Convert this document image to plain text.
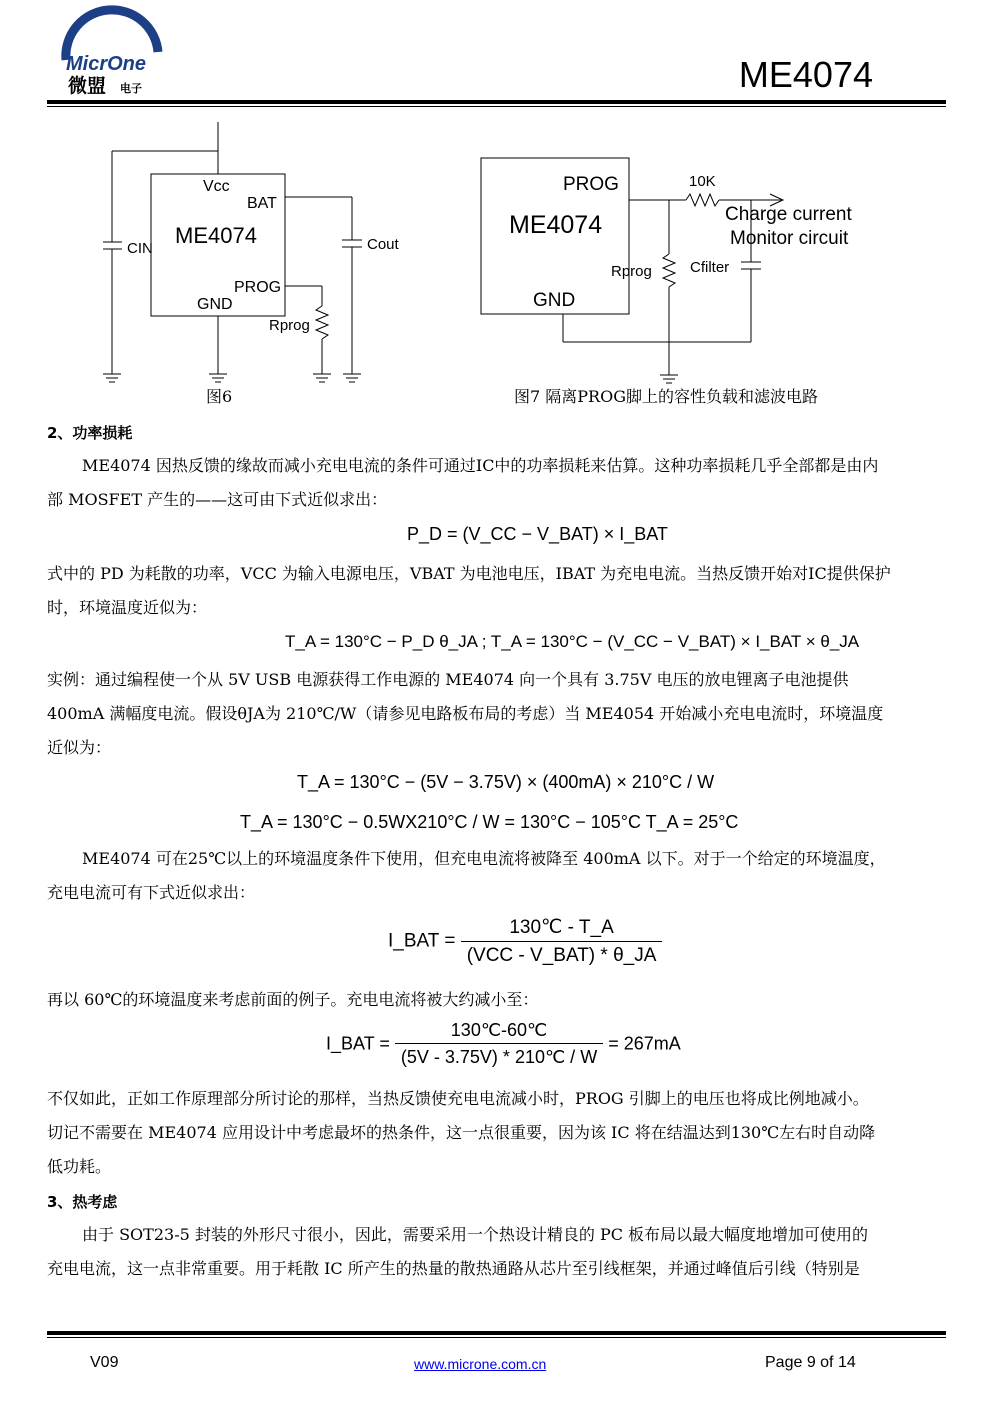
MicrOne
微盟 电子	ME4074
Vcc
BAT
ME4074
PROG
GND
CIN	Cout
Rprog
图6
PROG
ME4074
GND
10K
Charge current
Monitor circuit
Rprog	Cfilter
图7 隔离PROG脚上的容性负载和滤波电路
2、功率损耗
ME4074 因热反馈的缘故而减小充电电流的条件可通过IC中的功率损耗来估算。这种功率损耗几乎全部都是由内
部 MOSFET 产生的——这可由下式近似求出：
P_D = (V_CC − V_BAT) × I_BAT
式中的 PD 为耗散的功率，VCC 为输入电源电压，VBAT 为电池电压，IBAT 为充电电流。当热反馈开始对IC提供保护
时，环境温度近似为：
T_A = 130°C − P_D θ_JA ; T_A = 130°C − (V_CC − V_BAT) × I_BAT × θ_JA
实例：通过编程使一个从 5V USB 电源获得工作电源的 ME4074 向一个具有 3.75V 电压的放电锂离子电池提供
400mA 满幅度电流。假设θJA为 210℃/W（请参见电路板布局的考虑）当 ME4054 开始减小充电电流时，环境温度
近似为：
T_A = 130°C − (5V − 3.75V) × (400mA) × 210°C / W
T_A = 130°C − 0.5WX210°C / W = 130°C − 105°C T_A = 25°C
ME4074 可在25℃以上的环境温度条件下使用，但充电电流将被降至 400mA 以下。对于一个给定的环境温度，
充电电流可有下式近似求出：
I_BAT = $\frac{130℃ - T\_A}{\text{(VCC - V\_BAT) * θ\_JA}}$
再以 60℃的环境温度来考虑前面的例子。充电电流将被大约减小至：
I_BAT = $\frac{130℃-60℃}{(5V - 3.75V) * 210℃ / W} = 267mA$
不仅如此，正如工作原理部分所讨论的那样，当热反馈使充电电流减小时，PROG 引脚上的电压也将成比例地减小。
切记不需要在 ME4074 应用设计中考虑最坏的热条件，这一点很重要，因为该 IC 将在结温达到130℃左右时自动降
低功耗。
3、热考虑
由于 SOT23-5 封装的外形尺寸很小，因此，需要采用一个热设计精良的 PC 板布局以最大幅度地增加可使用的
充电电流，这一点非常重要。用于耗散 IC 所产生的热量的散热通路从芯片至引线框架，并通过峰值后引线（特别是
V09	www.microne.com.cn	Page 9 of 14
